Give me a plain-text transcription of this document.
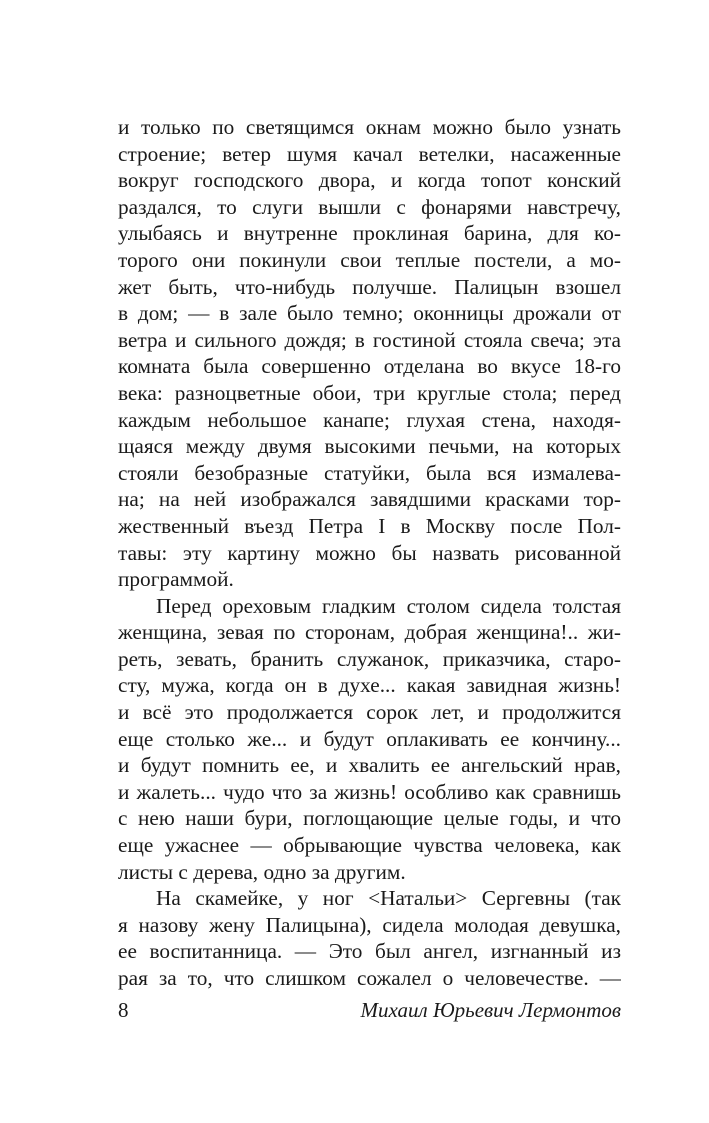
и только по светящимся окнам можно было узнать
строение; ветер шумя качал ветелки, насаженные
вокруг господского двора, и когда топот конский
раздался, то слуги вышли с фонарями навстречу,
улыбаясь и внутренне проклиная барина, для ко-
торого они покинули свои теплые постели, а мо-
жет быть, что-нибудь получше. Палицын взошел
в дом; — в зале было темно; оконницы дрожали от
ветра и сильного дождя; в гостиной стояла свеча; эта
комната была совершенно отделана во вкусе 18-го
века: разноцветные обои, три круглые стола; перед
каждым небольшое канапе; глухая стена, находя-
щаяся между двумя высокими печьми, на которых
стояли безобразные статуйки, была вся измалева-
на; на ней изображался завядшими красками тор-
жественный въезд Петра I в Москву после Пол-
тавы: эту картину можно бы назвать рисованной
программой.
Перед ореховым гладким столом сидела толстая
женщина, зевая по сторонам, добрая женщина!.. жи-
реть, зевать, бранить служанок, приказчика, старо-
сту, мужа, когда он в духе... какая завидная жизнь!
и всё это продолжается сорок лет, и продолжится
еще столько же... и будут оплакивать ее кончину...
и будут помнить ее, и хвалить ее ангельский нрав,
и жалеть... чудо что за жизнь! особливо как сравнишь
с нею наши бури, поглощающие целые годы, и что
еще ужаснее — обрывающие чувства человека, как
листы с дерева, одно за другим.
На скамейке, у ног <Натальи> Сергевны (так
я назову жену Палицына), сидела молодая девушка,
ее воспитанница. — Это был ангел, изгнанный из
рая за то, что слишком сожалел о человечестве. —
8	Михаил Юрьевич Лермонтов
